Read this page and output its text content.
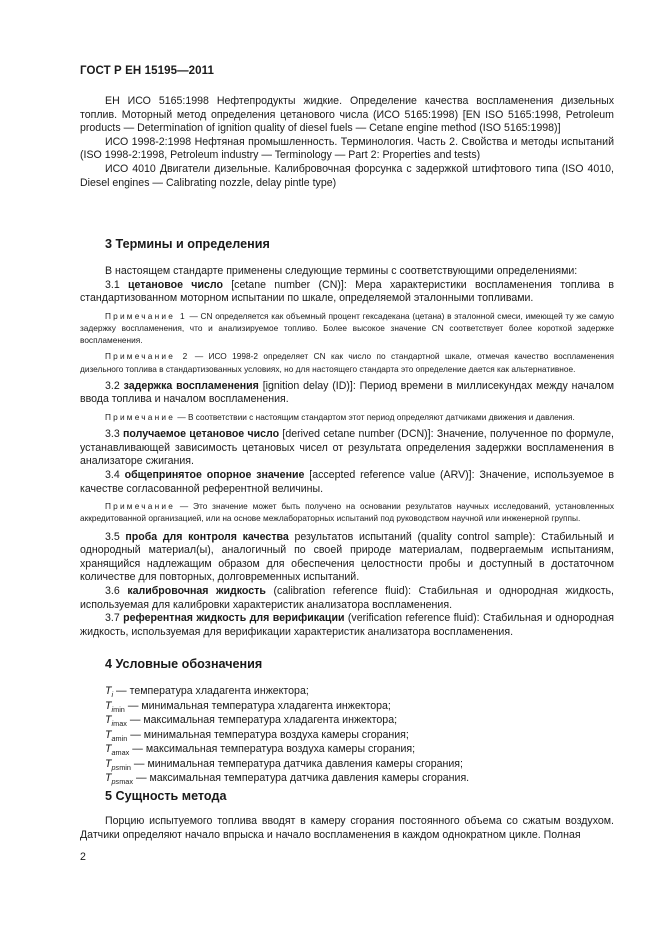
ГОСТ Р ЕН 15195—2011

ЕН ИСО 5165:1998 Нефтепродукты жидкие. Определение качества воспламенения дизельных топлив. Моторный метод определения цетанового числа (ИСО 5165:1998) [EN ISO 5165:1998, Petroleum products — Determination of ignition quality of diesel fuels — Cetane engine method (ISO 5165:1998)]

ИСО 1998-2:1998 Нефтяная промышленность. Терминология. Часть 2. Свойства и методы испытаний (ISO 1998-2:1998, Petroleum industry — Terminology — Part 2: Properties and tests)

ИСО 4010 Двигатели дизельные. Калибровочная форсунка с задержкой штифтового типа (ISO 4010, Diesel engines — Calibrating nozzle, delay pintle type)

3 Термины и определения

В настоящем стандарте применены следующие термины с соответствующими определениями:

3.1 цетановое число [cetane number (CN)]: Мера характеристики воспламенения топлива в стандартизованном моторном испытании по шкале, определяемой эталонными топливами.

Примечание 1 — CN определяется как объемный процент гексадекана (цетана) в эталонной смеси, имеющей ту же самую задержку воспламенения, что и анализируемое топливо. Более высокое значение CN соответствует более короткой задержке воспламенения.

Примечание 2 — ИСО 1998-2 определяет CN как число по стандартной шкале, отмечая качество воспламенения дизельного топлива в стандартизованных условиях, но для настоящего стандарта это определение дается как альтернативное.

3.2 задержка воспламенения [ignition delay (ID)]: Период времени в миллисекундах между началом ввода топлива и началом воспламенения.

Примечание — В соответствии с настоящим стандартом этот период определяют датчиками движения и давления.

3.3 получаемое цетановое число [derived cetane number (DCN)]: Значение, полученное по формуле, устанавливающей зависимость цетановых чисел от результата определения задержки воспламенения в анализаторе сжигания.

3.4 общепринятое опорное значение [accepted reference value (ARV)]: Значение, используемое в качестве согласованной референтной величины.

Примечание — Это значение может быть получено на основании результатов научных исследований, установленных аккредитованной организацией, или на основе межлабораторных испытаний под руководством научной или инженерной группы.

3.5 проба для контроля качества результатов испытаний (quality control sample): Стабильный и однородный материал(ы), аналогичный по своей природе материалам, подвергаемым испытаниям, хранящийся надлежащим образом для обеспечения целостности пробы и доступный в достаточном количестве для повторных, долговременных испытаний.

3.6 калибровочная жидкость (calibration reference fluid): Стабильная и однородная жидкость, используемая для калибровки характеристик анализатора воспламенения.

3.7 референтная жидкость для верификации (verification reference fluid): Стабильная и однородная жидкость, используемая для верификации характеристик анализатора воспламенения.

4 Условные обозначения
$T_i$ — температура хладагента инжектора;
$T_{imin}$ — минимальная температура хладагента инжектора;
$T_{imax}$ — максимальная температура хладагента инжектора;
$T_{amin}$ — минимальная температура воздуха камеры сгорания;
$T_{amax}$ — максимальная температура воздуха камеры сгорания;
$T_{psmin}$ — минимальная температура датчика давления камеры сгорания;
$T_{psmax}$ — максимальная температура датчика давления камеры сгорания.
5 Сущность метода

Порцию испытуемого топлива вводят в камеру сгорания постоянного объема со сжатым воздухом. Датчики определяют начало впрыска и начало воспламенения в каждом однократном цикле. Полная

2
